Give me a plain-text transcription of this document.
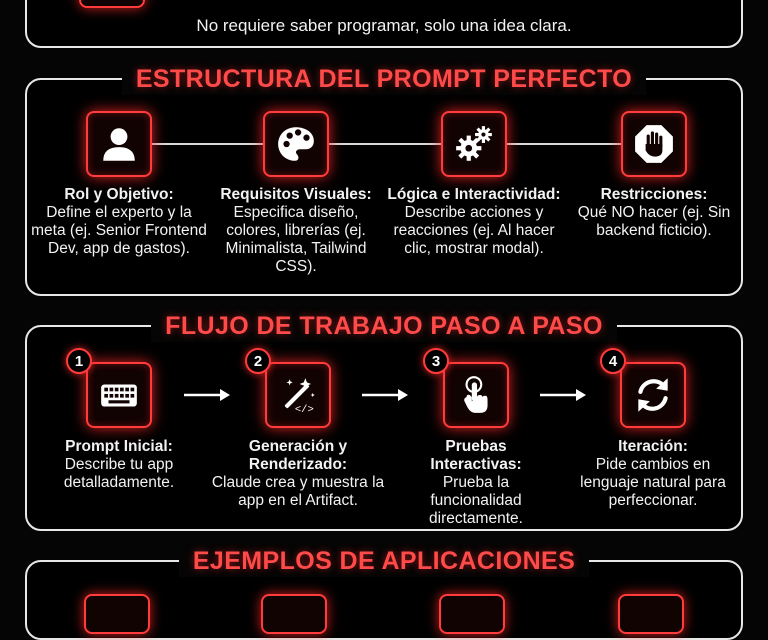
No requiere saber programar, solo una idea clara.
ESTRUCTURA DEL PROMPT PERFECTO
Rol y Objetivo:
Define el experto y la meta (ej. Senior Frontend Dev, app de gastos).
Requisitos Visuales:
Especifica diseño, colores, librerías (ej. Minimalista, Tailwind CSS).
Lógica e Interactividad:
Describe acciones y reacciones (ej. Al hacer clic, mostrar modal).
Restricciones:
Qué NO hacer (ej. Sin backend ficticio).
FLUJO DE TRABAJO PASO A PASO
1
</>
2	3	4
Prompt Inicial:
Describe tu app detalladamente.
Generación y Renderizado:
Claude crea y muestra la app en el Artifact.
Pruebas Interactivas:
Prueba la funcionalidad directamente.
Iteración:
Pide cambios en lenguaje natural para perfeccionar.
EJEMPLOS DE APLICACIONES
